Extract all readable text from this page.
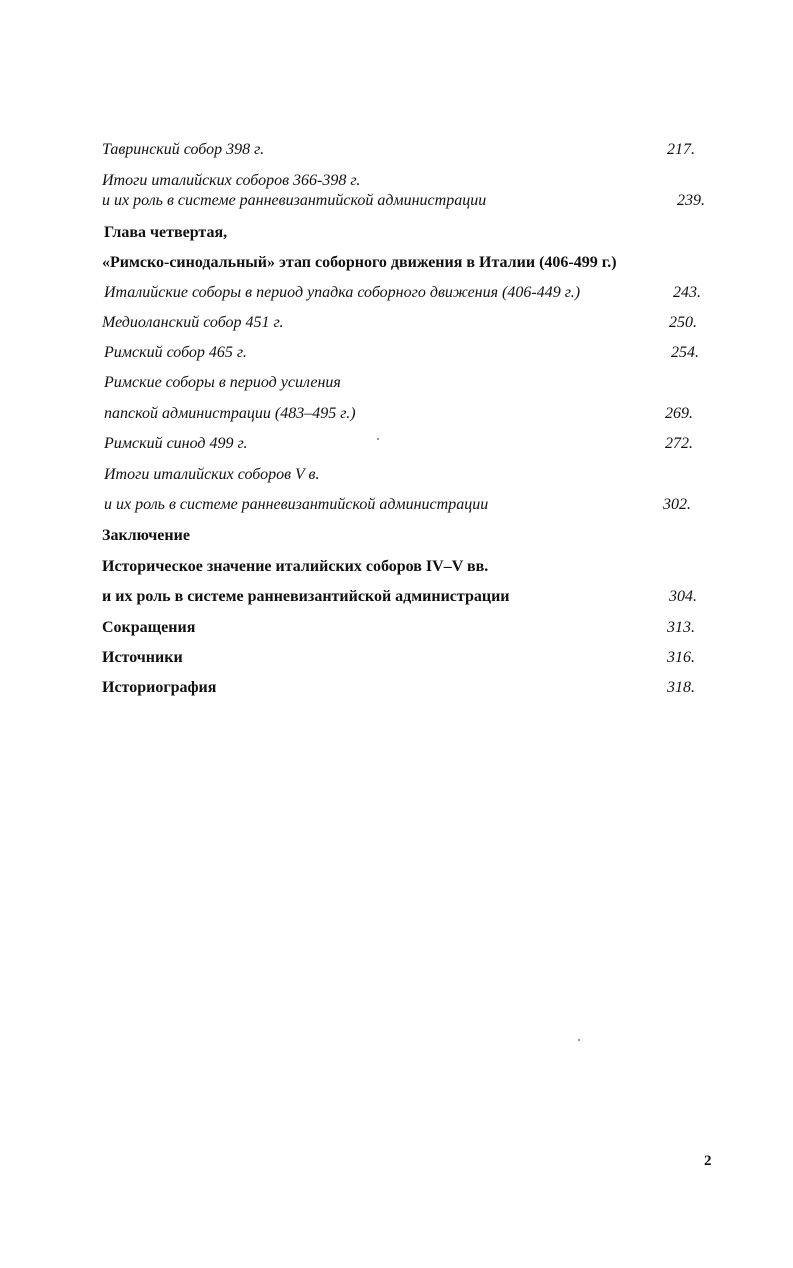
Тавринский собор 398 г.	217.
Итоги италийских соборов 366-398 г.
и их роль в системе ранневизантийской администрации	239.
Глава четвертая,
«Римско-синодальный» этап соборного движения в Италии (406-499 г.)
Италийские соборы в период упадка соборного движения (406-449 г.)	243.
Медиоланский собор 451 г.	250.
Римский собор 465 г.	254.
Римские соборы в период усиления
папской администрации (483–495 г.)	269.
Римский синод 499 г.	272.
Итоги италийских соборов V в.
и их роль в системе ранневизантийской администрации	302.
Заключение
Историческое значение италийских соборов IV–V вв.
и их роль в системе ранневизантийской администрации	304.
Сокращения	313.
Источники	316.
Историография	318.
2
